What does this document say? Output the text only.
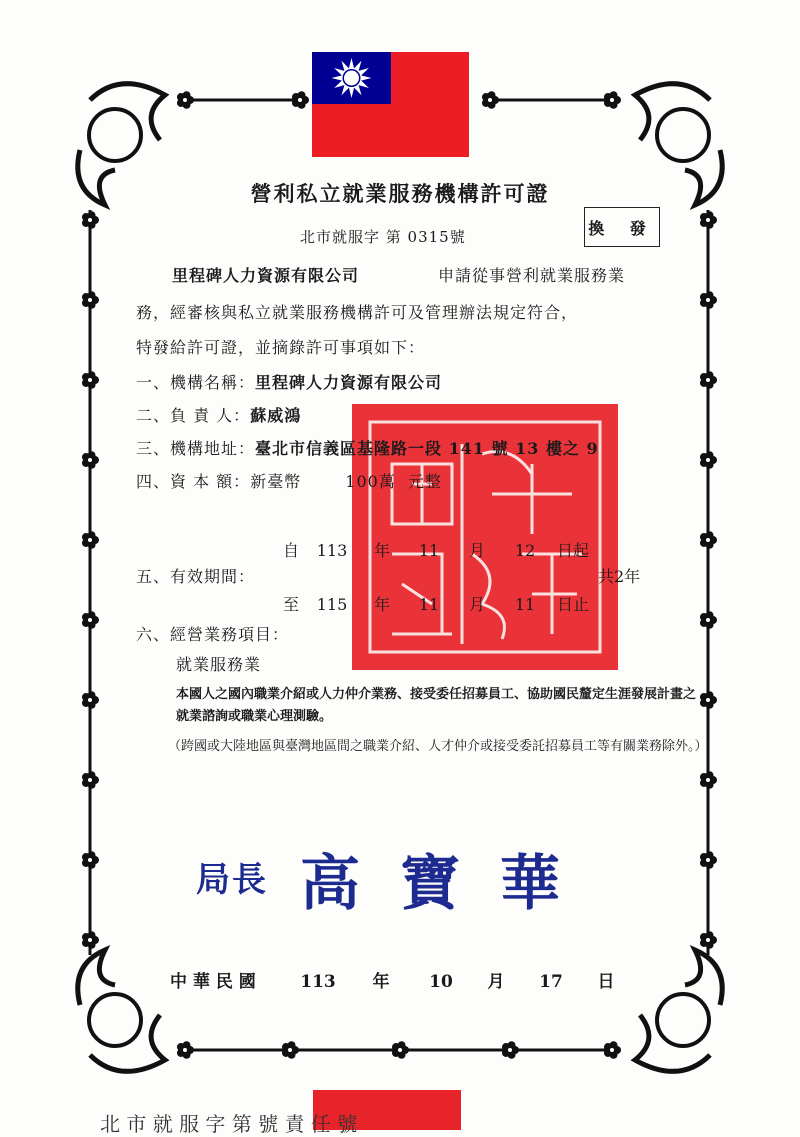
營利私立就業服務機構許可證
北市就服字 第 0315號	換 發
里程碑人力資源有限公司	申請從事營利就業服務業
務，經審核與私立就業服務機構許可及管理辦法規定符合，
特發給許可證，並摘錄許可事項如下：
一、機構名稱：里程碑人力資源有限公司
二、負 責 人：蘇威鴻
三、機構地址：臺北市信義區基隆路一段 141 號 13 樓之 9
四、資 本 額：新臺幣	100萬 元整
自 113 年 11 月 12 日起
五、有效期間：	共2年
至 115 年 11 月 11 日止
六、經營業務項目：
就業服務業
本國人之國內職業介紹或人力仲介業務、接受委任招募員工、協助國民釐定生涯發展計畫之就業諮詢或職業心理測驗。
（跨國或大陸地區與臺灣地區間之職業介紹、人才仲介或接受委託招募員工等有關業務除外。）
局長 高寶華
中 華 民 國	113 年 10 月 17 日
北 市 就 服 字 第 號 責 任 號
